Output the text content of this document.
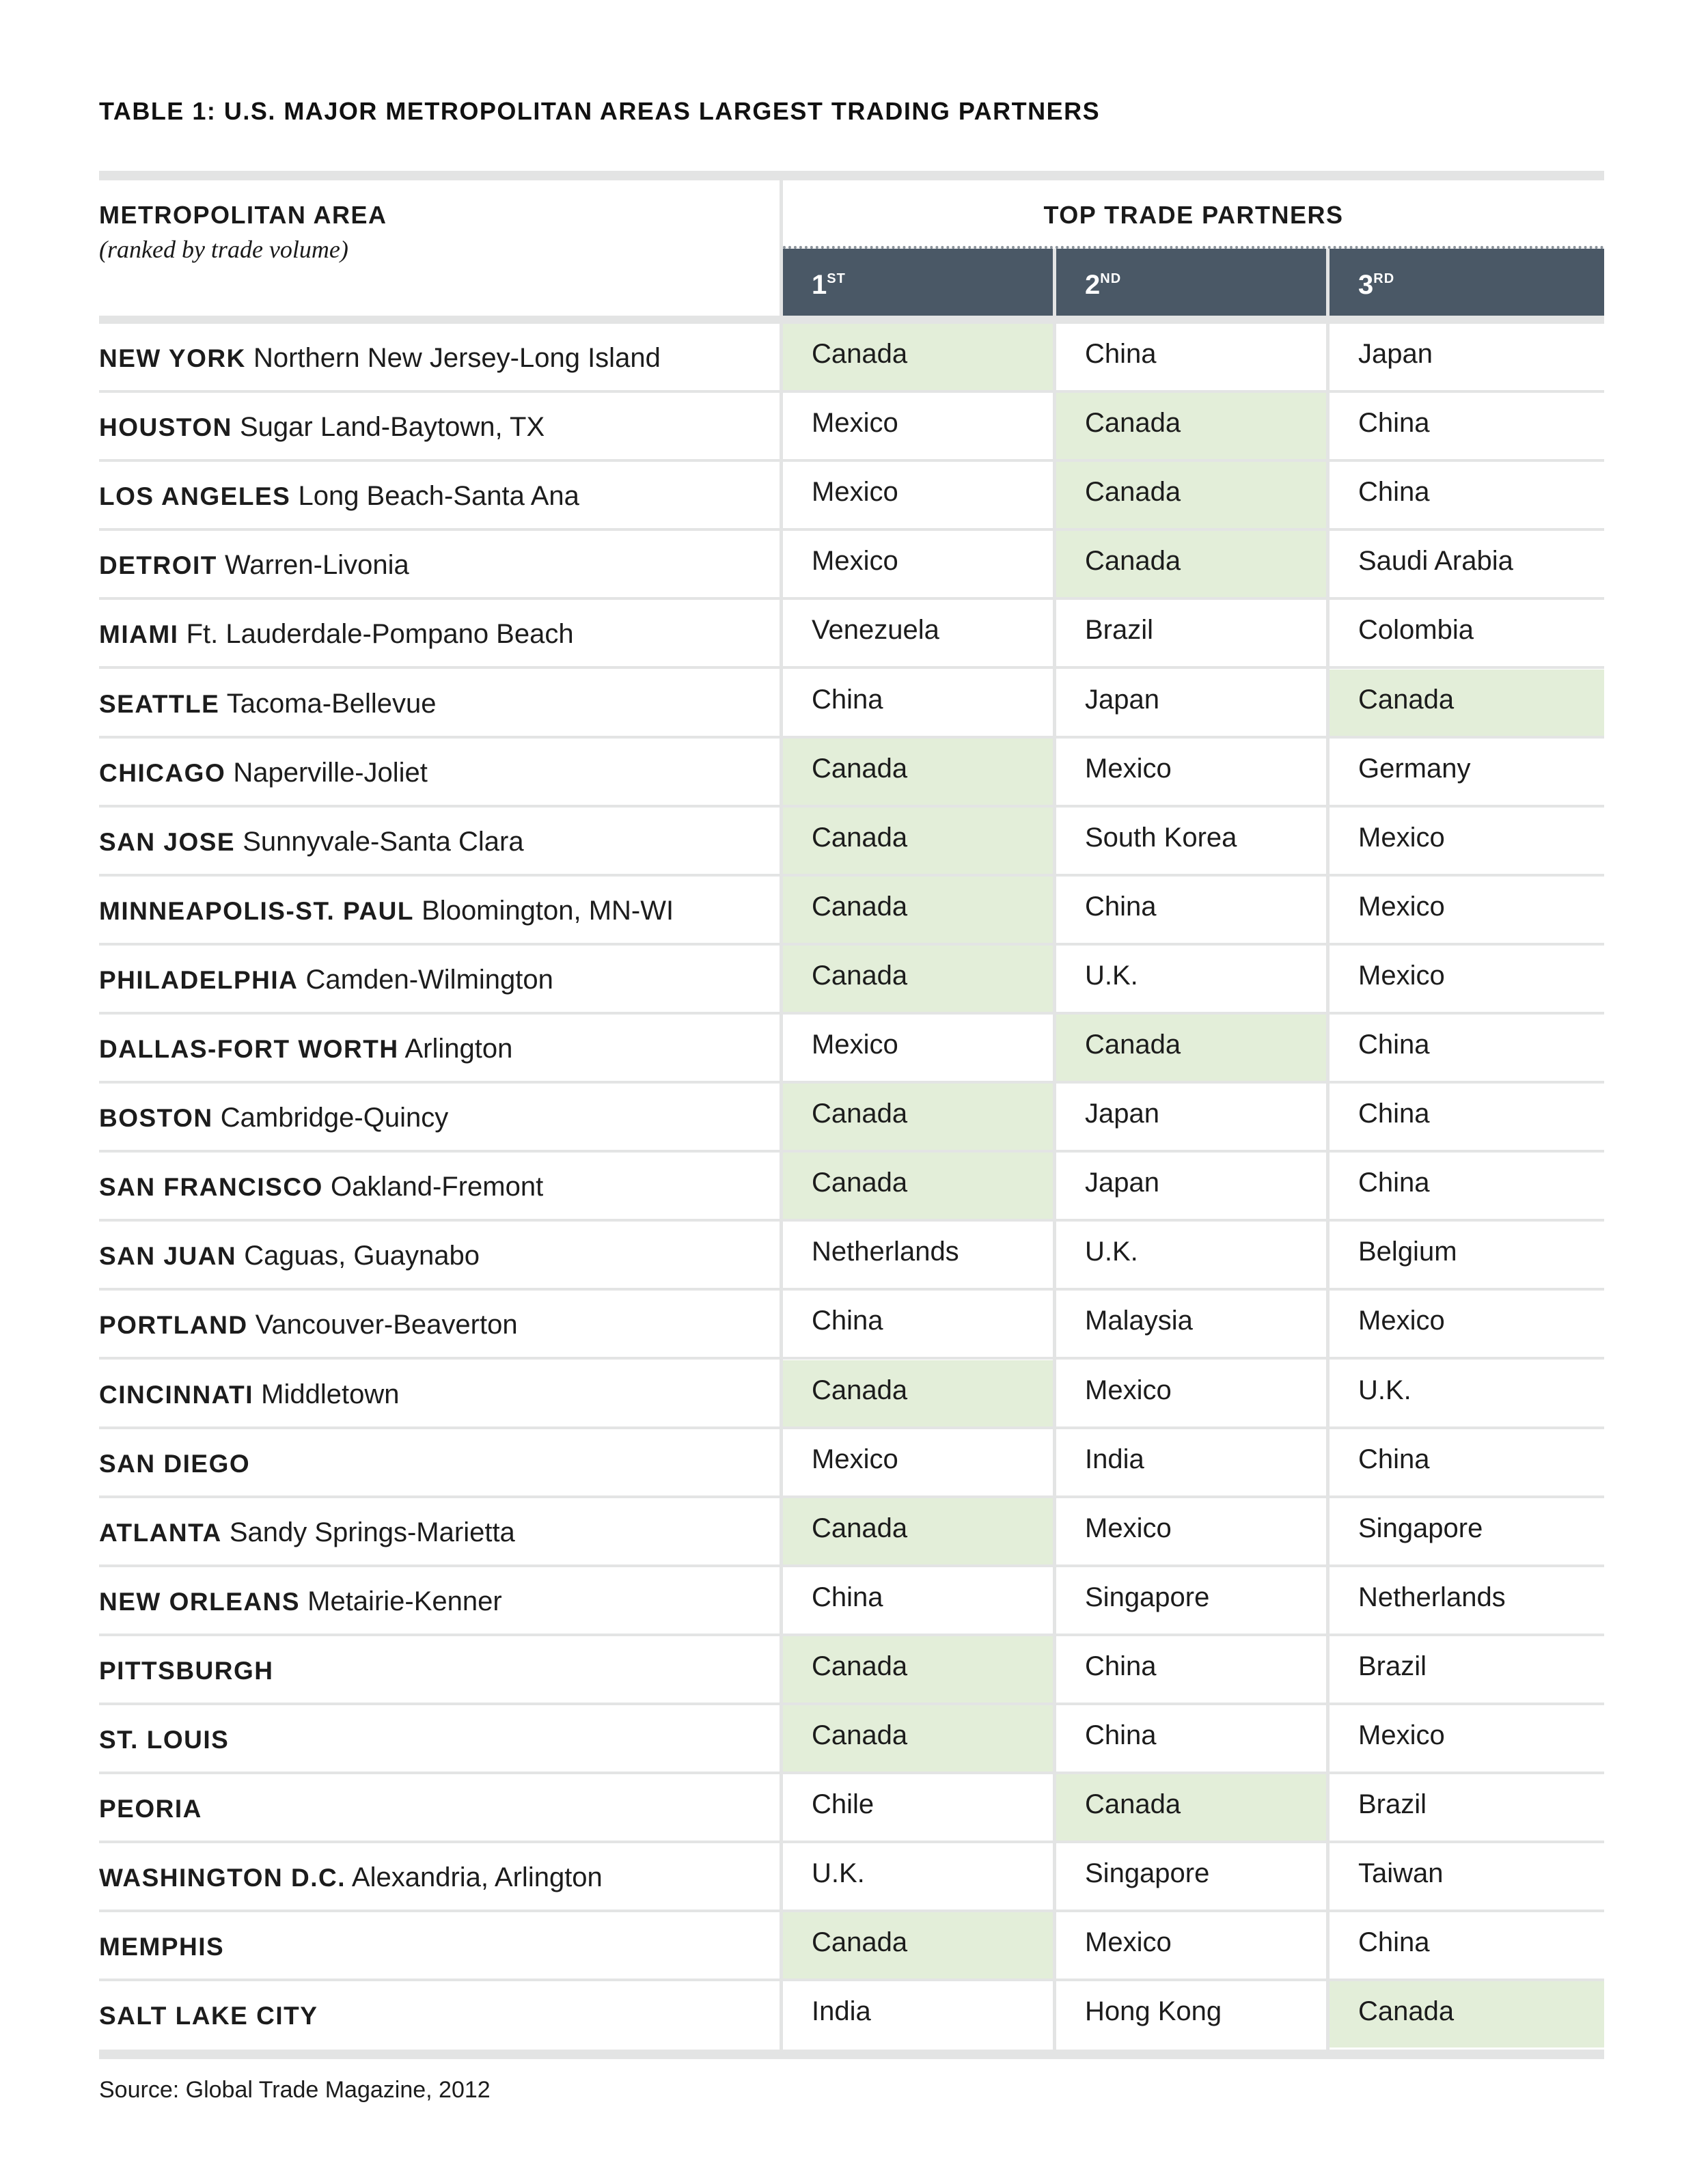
TABLE 1: U.S. MAJOR METROPOLITAN AREAS LARGEST TRADING PARTNERS
METROPOLITAN AREA
(ranked by trade volume)
TOP TRADE PARTNERS
1ST	2ND	3RD
NEW YORK Northern New Jersey-Long Island	Canada	China	Japan
HOUSTON Sugar Land-Baytown, TX	Mexico	Canada	China
LOS ANGELES Long Beach-Santa Ana	Mexico	Canada	China
DETROIT Warren-Livonia	Mexico	Canada	Saudi Arabia
MIAMI Ft. Lauderdale-Pompano Beach	Venezuela	Brazil	Colombia
SEATTLE Tacoma-Bellevue	China	Japan	Canada
CHICAGO Naperville-Joliet	Canada	Mexico	Germany
SAN JOSE Sunnyvale-Santa Clara	Canada	South Korea	Mexico
MINNEAPOLIS-ST. PAUL Bloomington, MN-WI	Canada	China	Mexico
PHILADELPHIA Camden-Wilmington	Canada	U.K.	Mexico
DALLAS-FORT WORTH Arlington	Mexico	Canada	China
BOSTON Cambridge-Quincy	Canada	Japan	China
SAN FRANCISCO Oakland-Fremont	Canada	Japan	China
SAN JUAN Caguas, Guaynabo	Netherlands	U.K.	Belgium
PORTLAND Vancouver-Beaverton	China	Malaysia	Mexico
CINCINNATI Middletown	Canada	Mexico	U.K.
SAN DIEGO	Mexico	India	China
ATLANTA Sandy Springs-Marietta	Canada	Mexico	Singapore
NEW ORLEANS Metairie-Kenner	China	Singapore	Netherlands
PITTSBURGH	Canada	China	Brazil
ST. LOUIS	Canada	China	Mexico
PEORIA	Chile	Canada	Brazil
WASHINGTON D.C. Alexandria, Arlington	U.K.	Singapore	Taiwan
MEMPHIS	Canada	Mexico	China
SALT LAKE CITY	India	Hong Kong	Canada
Source: Global Trade Magazine, 2012
